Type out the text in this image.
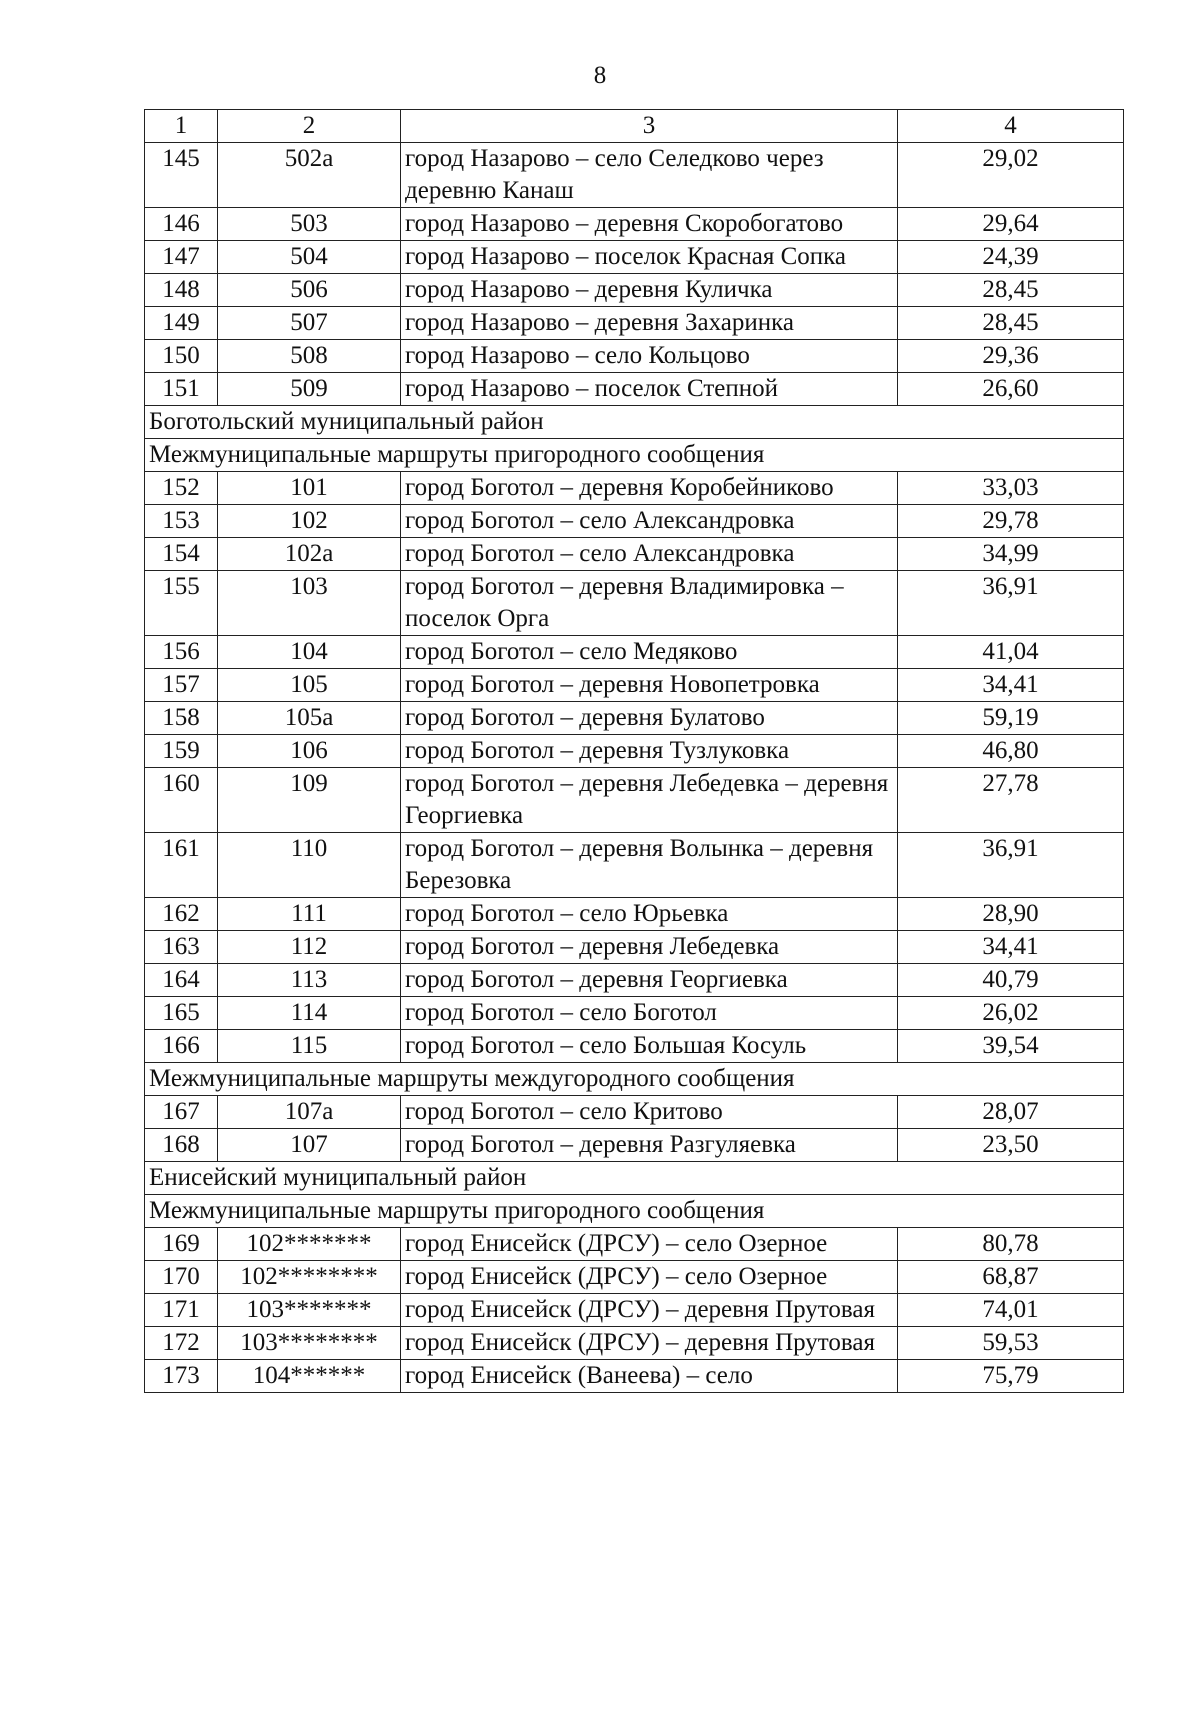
8
1	2	3	4
145	502а	город Назарово – село Селедково через деревню Канаш	29,02
146	503	город Назарово – деревня Скоробогатово	29,64
147	504	город Назарово – поселок Красная Сопка	24,39
148	506	город Назарово – деревня Куличка	28,45
149	507	город Назарово – деревня Захаринка	28,45
150	508	город Назарово – село Кольцово	29,36
151	509	город Назарово – поселок Степной	26,60
Боготольский муниципальный район			
Межмуниципальные маршруты пригородного сообщения			
152	101	город Боготол – деревня Коробейниково	33,03
153	102	город Боготол – село Александровка	29,78
154	102а	город Боготол – село Александровка	34,99
155	103	город Боготол – деревня Владимировка – поселок Орга	36,91
156	104	город Боготол – село Медяково	41,04
157	105	город Боготол – деревня Новопетровка	34,41
158	105а	город Боготол – деревня Булатово	59,19
159	106	город Боготол – деревня Тузлуковка	46,80
160	109	город Боготол – деревня Лебедевка – деревня Георгиевка	27,78
161	110	город Боготол – деревня Волынка – деревня Березовка	36,91
162	111	город Боготол – село Юрьевка	28,90
163	112	город Боготол – деревня Лебедевка	34,41
164	113	город Боготол – деревня Георгиевка	40,79
165	114	город Боготол – село Боготол	26,02
166	115	город Боготол – село Большая Косуль	39,54
Межмуниципальные маршруты междугородного сообщения			
167	107а	город Боготол – село Критово	28,07
168	107	город Боготол – деревня Разгуляевка	23,50
Енисейский муниципальный район			
Межмуниципальные маршруты пригородного сообщения			
169	102*******	город Енисейск (ДРСУ) – село Озерное	80,78
170	102********	город Енисейск (ДРСУ) – село Озерное	68,87
171	103*******	город Енисейск (ДРСУ) – деревня Прутовая	74,01
172	103********	город Енисейск (ДРСУ) – деревня Прутовая	59,53
173	104******	город Енисейск (Ванеева) – село	75,79
